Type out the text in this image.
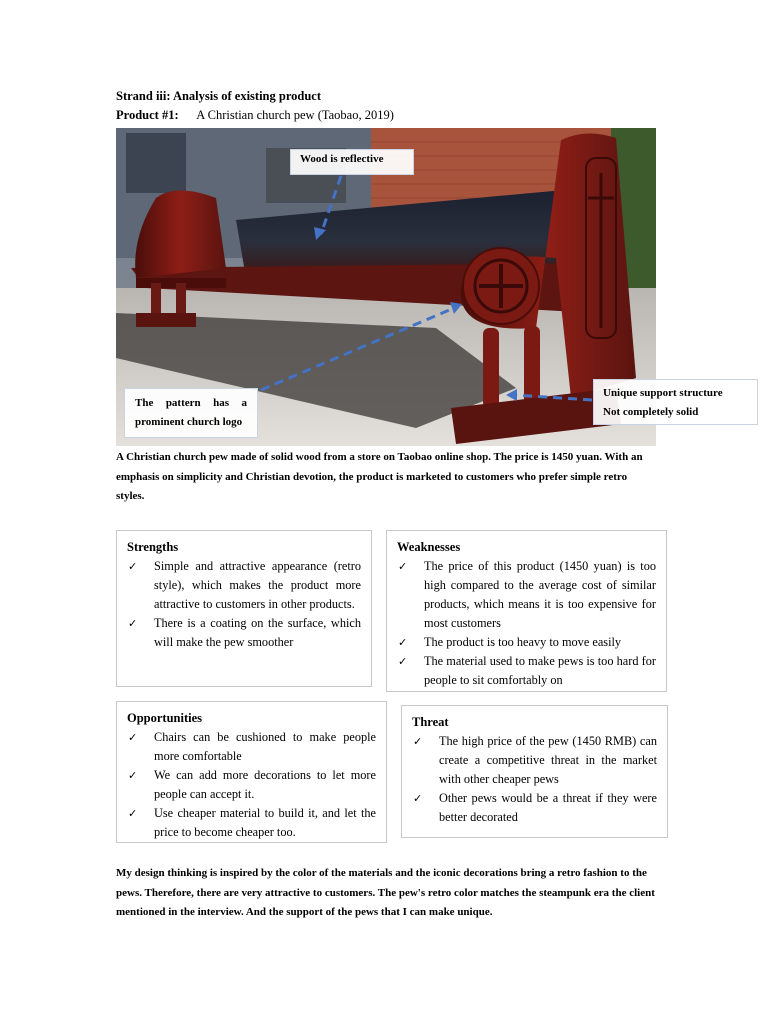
Strand iii: Analysis of existing product
Product #1: A Christian church pew (Taobao, 2019)
Wood is reflective
The pattern has a
prominent church logo
Unique support structure
Not completely solid
A Christian church pew made of solid wood from a store on Taobao online shop. The price is 1450 yuan. With an emphasis on simplicity and Christian devotion, the product is marketed to customers who prefer simple retro styles.
Strengths
✓ Simple and attractive appearance (retro style), which makes the product more attractive to customers in other products.
✓ There is a coating on the surface, which will make the pew smoother
Weaknesses
✓ The price of this product (1450 yuan) is too high compared to the average cost of similar products, which means it is too expensive for most customers
✓ The product is too heavy to move easily
✓ The material used to make pews is too hard for people to sit comfortably on
Opportunities
✓ Chairs can be cushioned to make people more comfortable
✓ We can add more decorations to let more people can accept it.
✓ Use cheaper material to build it, and let the price to become cheaper too.
Threat
✓ The high price of the pew (1450 RMB) can create a competitive threat in the market with other cheaper pews
✓ Other pews would be a threat if they were better decorated
My design thinking is inspired by the color of the materials and the iconic decorations bring a retro fashion to the pews. Therefore, there are very attractive to customers. The pew's retro color matches the steampunk era the client mentioned in the interview. And the support of the pews that I can make unique.
